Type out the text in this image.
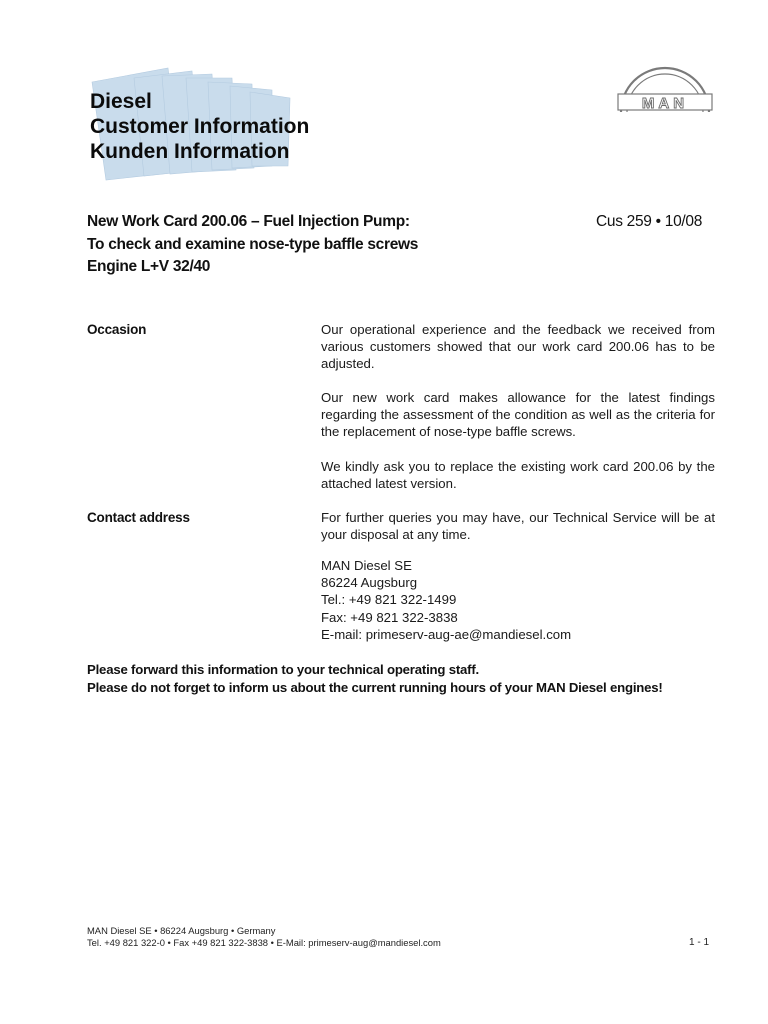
Diesel
Customer Information
Kunden Information
MAN
New Work Card 200.06 – Fuel Injection Pump:
To check and examine nose-type baffle screws
Engine L+V 32/40
Cus 259 • 10/08
Occasion	Our operational experience and the feedback we received from various customers showed that our work card 200.06 has to be adjusted.
Our new work card makes allowance for the latest findings regarding the assessment of the condition as well as the criteria for the replacement of nose-type baffle screws.
We kindly ask you to replace the existing work card 200.06 by the attached latest version.
Contact address	For further queries you may have, our Technical Service will be at your disposal at any time.
MAN Diesel SE
86224 Augsburg
Tel.: +49 821 322-1499
Fax: +49 821 322-3838
E-mail: primeserv-aug-ae@mandiesel.com
Please forward this information to your technical operating staff.
Please do not forget to inform us about the current running hours of your MAN Diesel engines!
MAN Diesel SE • 86224 Augsburg • Germany
Tel. +49 821 322-0 • Fax +49 821 322-3838 • E-Mail: primeserv-aug@mandiesel.com	1 - 1
